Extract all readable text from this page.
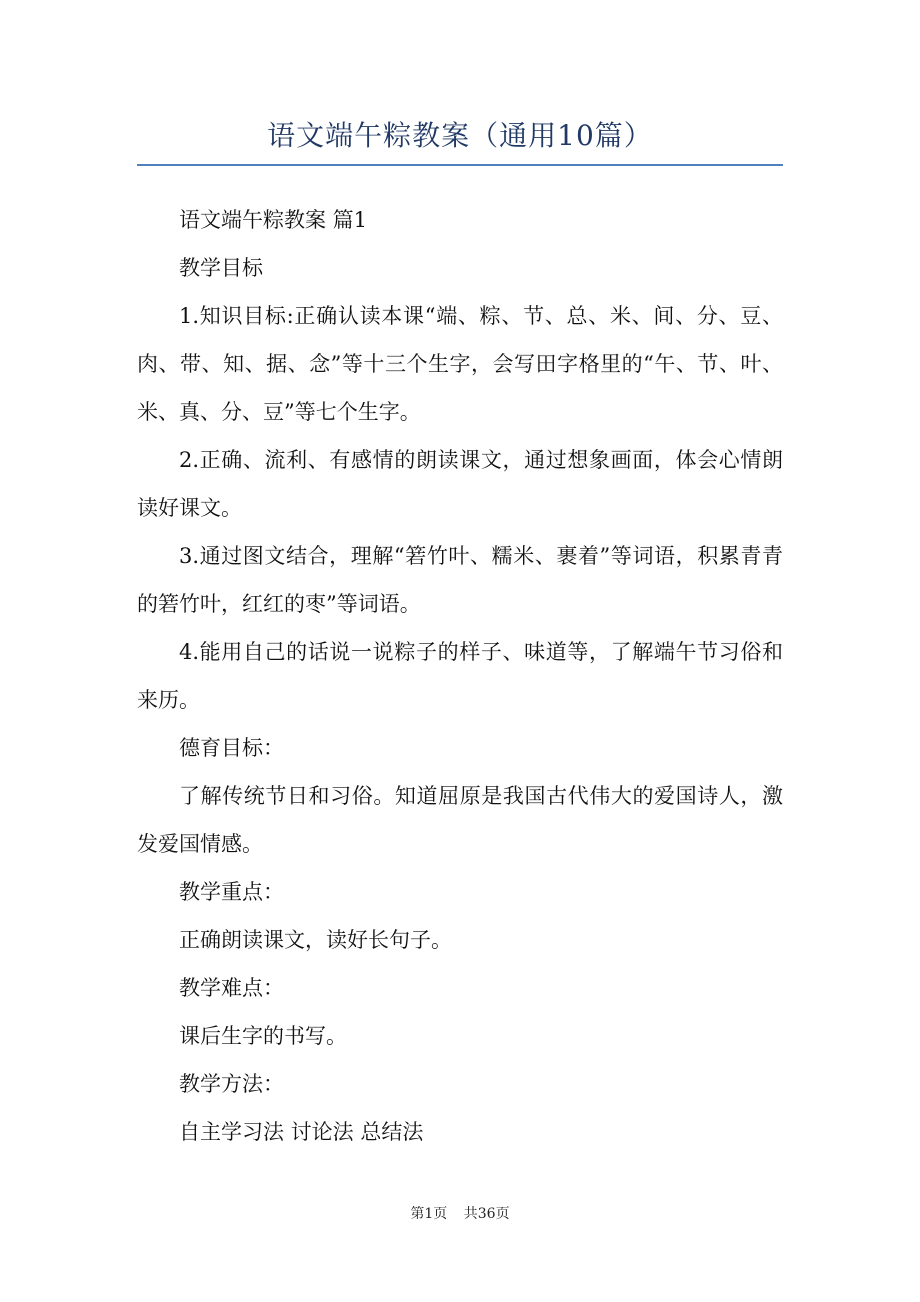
语文端午粽教案（通用10篇）

语文端午粽教案 篇1

教学目标

1.知识目标:正确认读本课“端、粽、节、总、米、间、分、豆、肉、带、知、据、念”等十三个生字，会写田字格里的“午、节、叶、米、真、分、豆”等七个生字。

2.正确、流利、有感情的朗读课文，通过想象画面，体会心情朗读好课文。

3.通过图文结合，理解“箬竹叶、糯米、裹着”等词语，积累青青的箬竹叶，红红的枣”等词语。

4.能用自己的话说一说粽子的样子、味道等，了解端午节习俗和来历。

德育目标：

了解传统节日和习俗。知道屈原是我国古代伟大的爱国诗人，激发爱国情感。

教学重点：

正确朗读课文，读好长句子。

教学难点：

课后生字的书写。

教学方法：

自主学习法 讨论法 总结法

第1页 共36页
